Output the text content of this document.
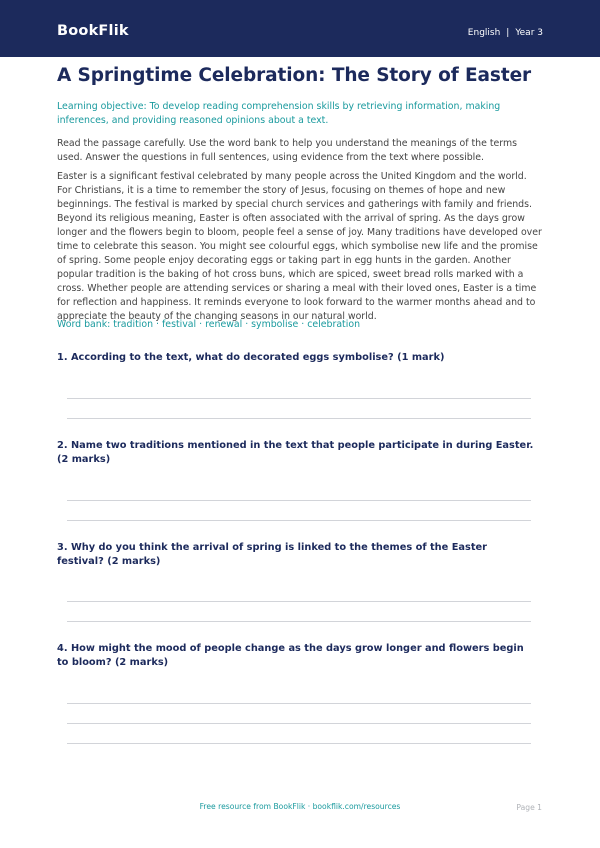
BookFlik	English | Year 3
A Springtime Celebration: The Story of Easter
Learning objective: To develop reading comprehension skills by retrieving information, making inferences, and providing reasoned opinions about a text.
Read the passage carefully. Use the word bank to help you understand the meanings of the terms used. Answer the questions in full sentences, using evidence from the text where possible.
Easter is a significant festival celebrated by many people across the United Kingdom and the world. For Christians, it is a time to remember the story of Jesus, focusing on themes of hope and new beginnings. The festival is marked by special church services and gatherings with family and friends. Beyond its religious meaning, Easter is often associated with the arrival of spring. As the days grow longer and the flowers begin to bloom, people feel a sense of joy. Many traditions have developed over time to celebrate this season. You might see colourful eggs, which symbolise new life and the promise of spring. Some people enjoy decorating eggs or taking part in egg hunts in the garden. Another popular tradition is the baking of hot cross buns, which are spiced, sweet bread rolls marked with a cross. Whether people are attending services or sharing a meal with their loved ones, Easter is a time for reflection and happiness. It reminds everyone to look forward to the warmer months ahead and to appreciate the beauty of the changing seasons in our natural world.
Word bank: tradition · festival · renewal · symbolise · celebration
1. According to the text, what do decorated eggs symbolise? (1 mark)
2. Name two traditions mentioned in the text that people participate in during Easter. (2 marks)
3. Why do you think the arrival of spring is linked to the themes of the Easter festival? (2 marks)
4. How might the mood of people change as the days grow longer and flowers begin to bloom? (2 marks)
Free resource from BookFlik · bookflik.com/resources	Page 1
